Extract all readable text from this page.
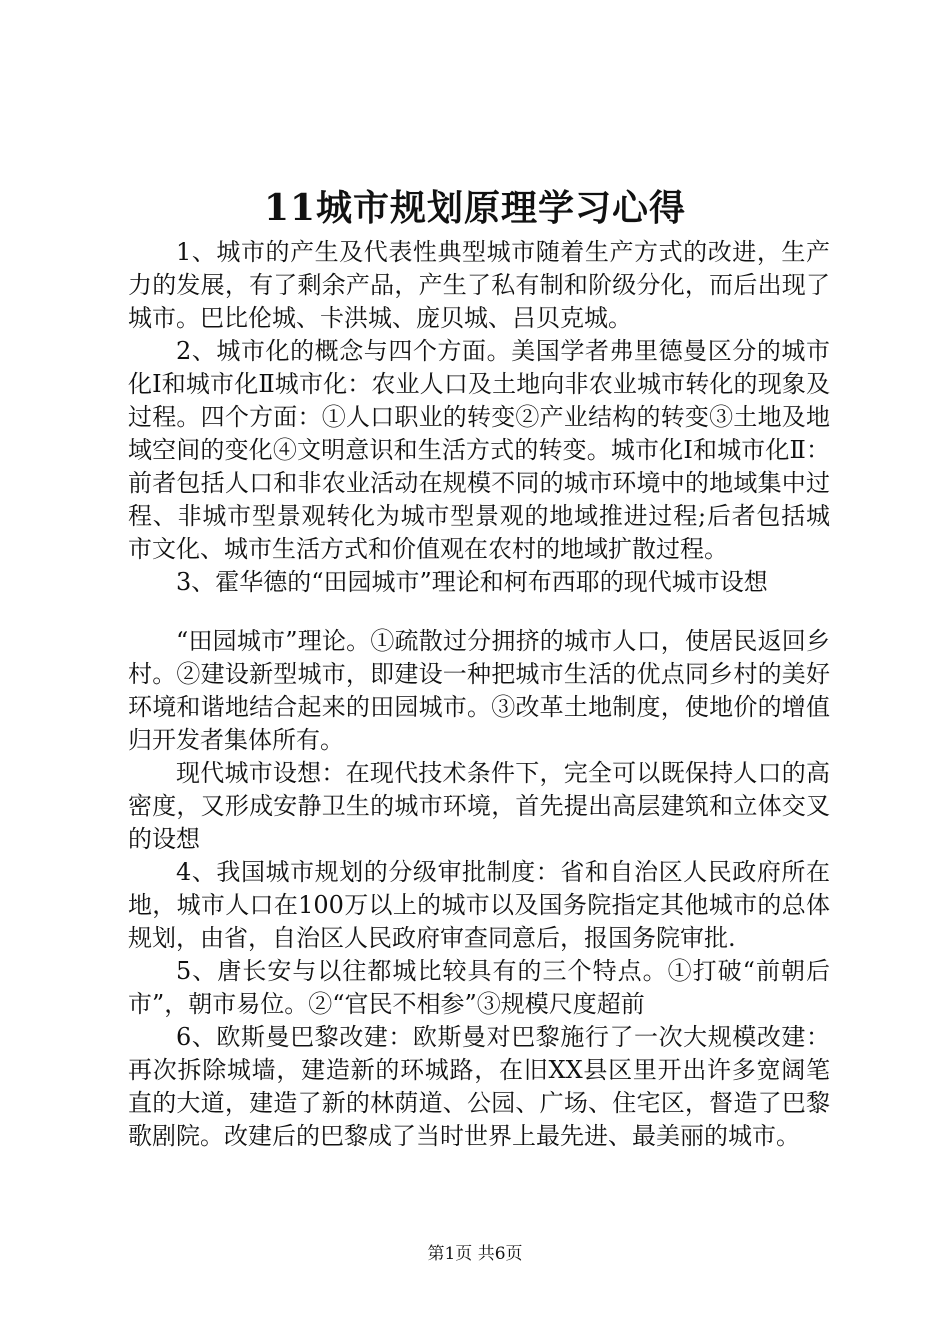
11城市规划原理学习心得

1、城市的产生及代表性典型城市随着生产方式的改进，生产力的发展，有了剩余产品，产生了私有制和阶级分化，而后出现了城市。巴比伦城、卡洪城、庞贝城、吕贝克城。

2、城市化的概念与四个方面。美国学者弗里德曼区分的城市化Ⅰ和城市化Ⅱ城市化：农业人口及土地向非农业城市转化的现象及过程。四个方面：①人口职业的转变②产业结构的转变③土地及地域空间的变化④文明意识和生活方式的转变。城市化Ⅰ和城市化Ⅱ：前者包括人口和非农业活动在规模不同的城市环境中的地域集中过程、非城市型景观转化为城市型景观的地域推进过程;后者包括城市文化、城市生活方式和价值观在农村的地域扩散过程。

3、霍华德的“田园城市”理论和柯布西耶的现代城市设想

“田园城市”理论。①疏散过分拥挤的城市人口，使居民返回乡村。②建设新型城市，即建设一种把城市生活的优点同乡村的美好环境和谐地结合起来的田园城市。③改革土地制度，使地价的增值归开发者集体所有。

现代城市设想：在现代技术条件下，完全可以既保持人口的高密度，又形成安静卫生的城市环境，首先提出高层建筑和立体交叉的设想

4、我国城市规划的分级审批制度：省和自治区人民政府所在地，城市人口在100万以上的城市以及国务院指定其他城市的总体规划，由省，自治区人民政府审查同意后，报国务院审批.

5、唐长安与以往都城比较具有的三个特点。①打破“前朝后市”，朝市易位。②“官民不相参”③规模尺度超前

6、欧斯曼巴黎改建：欧斯曼对巴黎施行了一次大规模改建：再次拆除城墙，建造新的环城路，在旧XX县区里开出许多宽阔笔直的大道，建造了新的林荫道、公园、广场、住宅区，督造了巴黎歌剧院。改建后的巴黎成了当时世界上最先进、最美丽的城市。

第1页 共6页
